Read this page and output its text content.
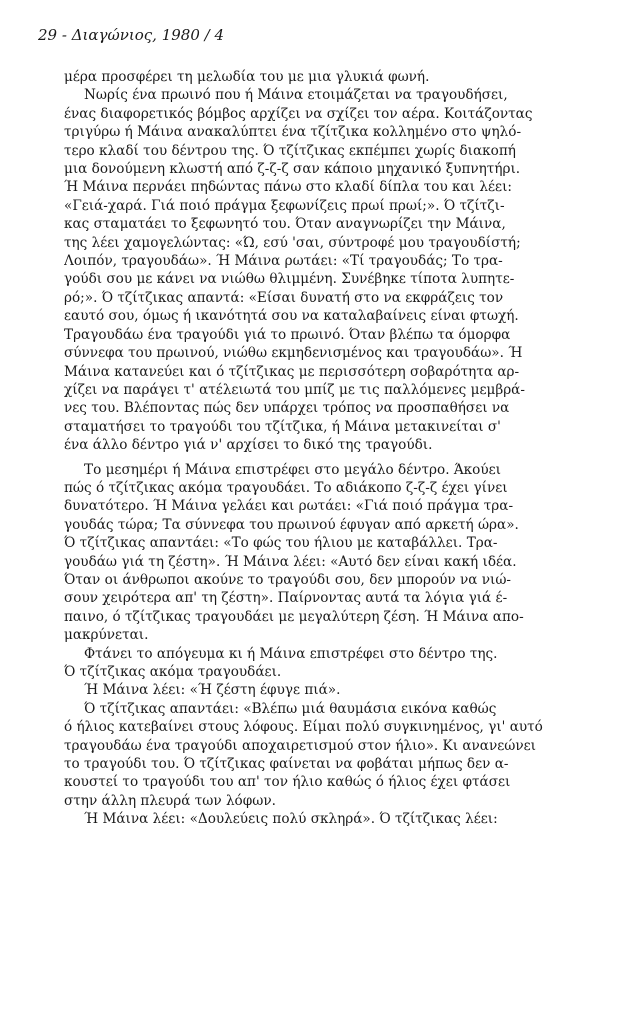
29 - Διαγώνιος, 1980 / 4
μέρα προσφέρει τη μελωδία του με μια γλυκιά φωνή.
Νωρίς ένα πρωινό που ή Μάινα ετοιμάζεται να τραγουδήσει,
ένας διαφορετικός βόμβος αρχίζει να σχίζει τον αέρα. Κοιτάζοντας
τριγύρω ή Μάινα ανακαλύπτει ένα τζίτζικα κολλημένο στο ψηλό-
τερο κλαδί του δέντρου της. Ό τζίτζικας εκπέμπει χωρίς διακοπή
μια δονούμενη κλωστή από ζ-ζ-ζ σαν κάποιο μηχανικό ξυπνητήρι.
Ή Μάινα περνάει πηδώντας πάνω στο κλαδί δίπλα του και λέει:
«Γειά-χαρά. Γιά ποιό πράγμα ξεφωνίζεις πρωί πρωί;». Ό τζίτζι-
κας σταματάει το ξεφωνητό του. Όταν αναγνωρίζει την Μάινα,
της λέει χαμογελώντας: «Ώ, εσύ 'σαι, σύντροφέ μου τραγουδίστή;
Λοιπόν, τραγουδάω». Ή Μάινα ρωτάει: «Τί τραγουδάς; Το τρα-
γούδι σου με κάνει να νιώθω θλιμμένη. Συνέβηκε τίποτα λυπητε-
ρό;». Ό τζίτζικας απαντά: «Είσαι δυνατή στο να εκφράζεις τον
εαυτό σου, όμως ή ικανότητά σου να καταλαβαίνεις είναι φτωχή.
Τραγουδάω ένα τραγούδι γιά το πρωινό. Όταν βλέπω τα όμορφα
σύννεφα του πρωινού, νιώθω εκμηδενισμένος και τραγουδάω». Ή
Μάινα κατανεύει και ό τζίτζικας με περισσότερη σοβαρότητα αρ-
χίζει να παράγει τ' ατέλειωτά του μπίζ με τις παλλόμενες μεμβρά-
νες του. Βλέποντας πώς δεν υπάρχει τρόπος να προσπαθήσει να
σταματήσει το τραγούδι του τζίτζικα, ή Μάινα μετακινείται σ'
ένα άλλο δέντρο γιά ν' αρχίσει το δικό της τραγούδι.
Το μεσημέρι ή Μάινα επιστρέφει στο μεγάλο δέντρο. Άκούει
πώς ό τζίτζικας ακόμα τραγουδάει. Το αδιάκοπο ζ-ζ-ζ έχει γίνει
δυνατότερο. Ή Μάινα γελάει και ρωτάει: «Γιά ποιό πράγμα τρα-
γουδάς τώρα; Τα σύννεφα του πρωινού έφυγαν από αρκετή ώρα».
Ό τζίτζικας απαντάει: «Το φώς του ήλιου με καταβάλλει. Τρα-
γουδάω γιά τη ζέστη». Ή Μάινα λέει: «Αυτό δεν είναι κακή ιδέα.
Όταν οι άνθρωποι ακούνε το τραγούδι σου, δεν μπορούν να νιώ-
σουν χειρότερα απ' τη ζέστη». Παίρνοντας αυτά τα λόγια γιά έ-
παινο, ό τζίτζικας τραγουδάει με μεγαλύτερη ζέση. Ή Μάινα απο-
μακρύνεται.
Φτάνει το απόγευμα κι ή Μάινα επιστρέφει στο δέντρο της.
Ό τζίτζικας ακόμα τραγουδάει.
Ή Μάινα λέει: «Ή ζέστη έφυγε πιά».
Ό τζίτζικας απαντάει: «Βλέπω μιά θαυμάσια εικόνα καθώς
ό ήλιος κατεβαίνει στους λόφους. Είμαι πολύ συγκινημένος, γι' αυτό
τραγουδάω ένα τραγούδι αποχαιρετισμού στον ήλιο». Κι ανανεώνει
το τραγούδι του. Ό τζίτζικας φαίνεται να φοβάται μήπως δεν α-
κουστεί το τραγούδι του απ' τον ήλιο καθώς ό ήλιος έχει φτάσει
στην άλλη πλευρά των λόφων.
Ή Μάινα λέει: «Δουλεύεις πολύ σκληρά». Ό τζίτζικας λέει:
